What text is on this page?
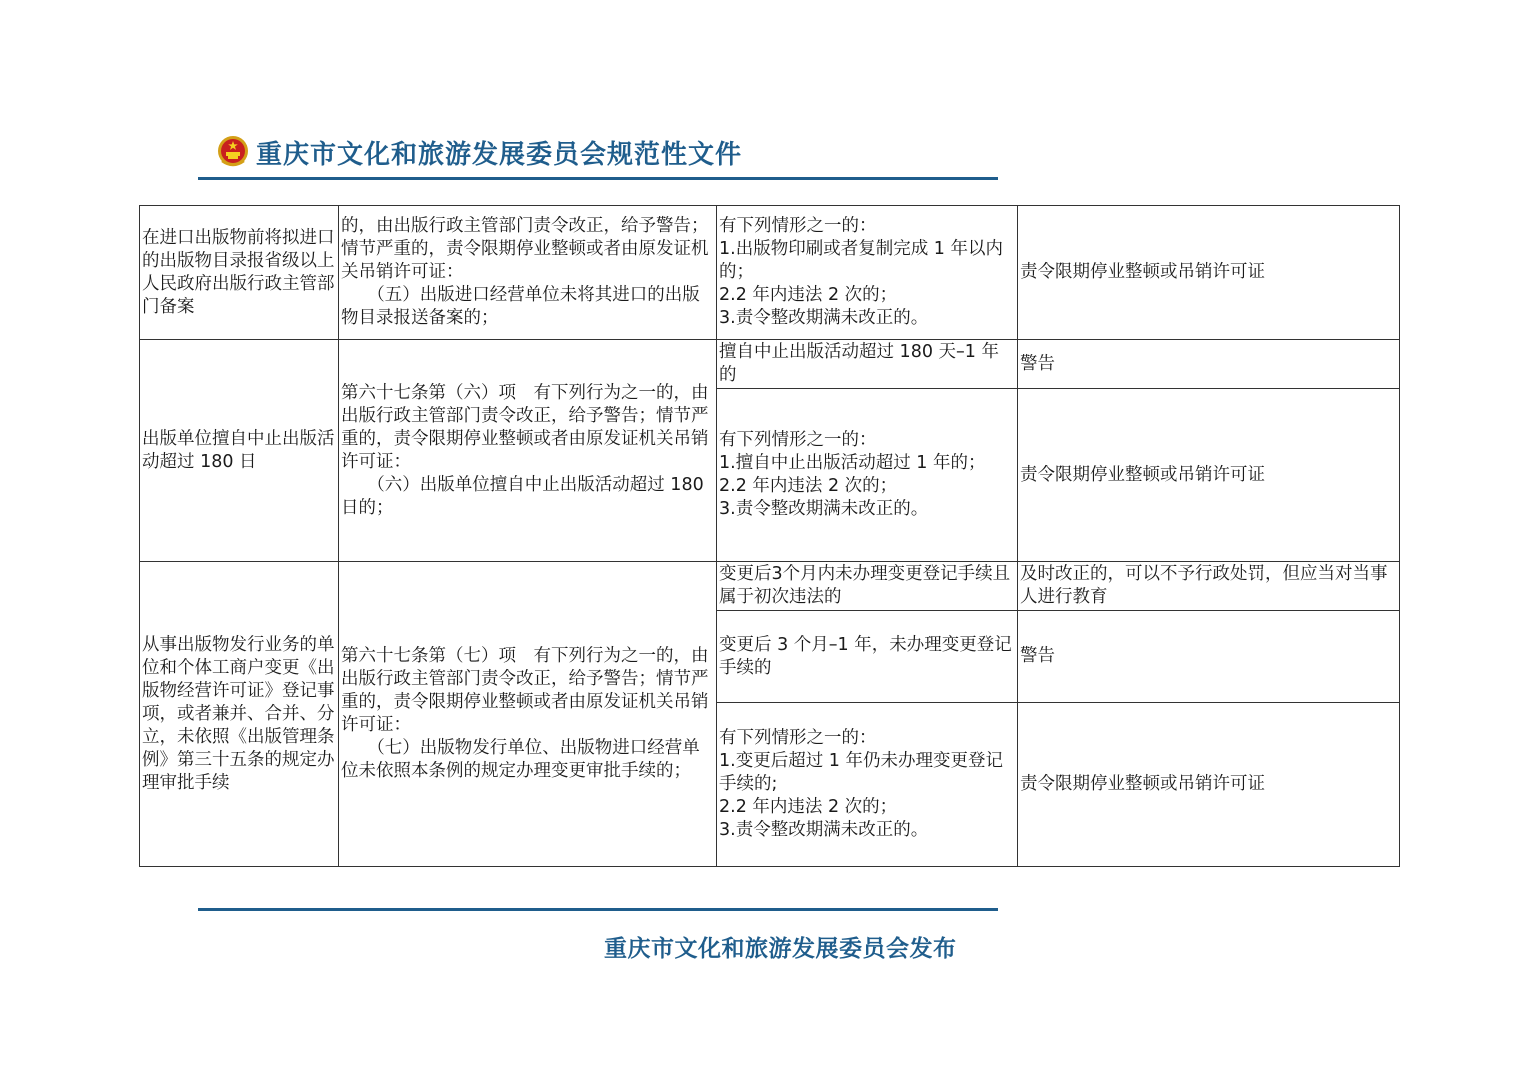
重庆市文化和旅游发展委员会规范性文件
在进口出版物前将拟进口的出版物目录报省级以上人民政府出版行政主管部门备案	的，由出版行政主管部门责令改正，给予警告；情节严重的，责令限期停业整顿或者由原发证机关吊销许可证：
　　（五）出版进口经营单位未将其进口的出版物目录报送备案的；	有下列情形之一的：
1.出版物印刷或者复制完成 1 年以内的；
2.2 年内违法 2 次的；
3.责令整改期满未改正的。	责令限期停业整顿或吊销许可证
出版单位擅自中止出版活动超过 180 日	第六十七条第（六）项　有下列行为之一的，由出版行政主管部门责令改正，给予警告；情节严重的，责令限期停业整顿或者由原发证机关吊销许可证：
　　（六）出版单位擅自中止出版活动超过 180 日的；	擅自中止出版活动超过 180 天–1 年的	警告
		有下列情形之一的：
1.擅自中止出版活动超过 1 年的；
2.2 年内违法 2 次的；
3.责令整改期满未改正的。	责令限期停业整顿或吊销许可证
从事出版物发行业务的单位和个体工商户变更《出版物经营许可证》登记事项，或者兼并、合并、分立，未依照《出版管理条例》第三十五条的规定办理审批手续	第六十七条第（七）项　有下列行为之一的，由出版行政主管部门责令改正，给予警告；情节严重的，责令限期停业整顿或者由原发证机关吊销许可证：
　　（七）出版物发行单位、出版物进口经营单位未依照本条例的规定办理变更审批手续的；	变更后3个月内未办理变更登记手续且属于初次违法的	及时改正的，可以不予行政处罚，但应当对当事人进行教育
		变更后 3 个月–1 年，未办理变更登记手续的	警告
		有下列情形之一的：
1.变更后超过 1 年仍未办理变更登记手续的;
2.2 年内违法 2 次的；
3.责令整改期满未改正的。	责令限期停业整顿或吊销许可证
重庆市文化和旅游发展委员会发布
